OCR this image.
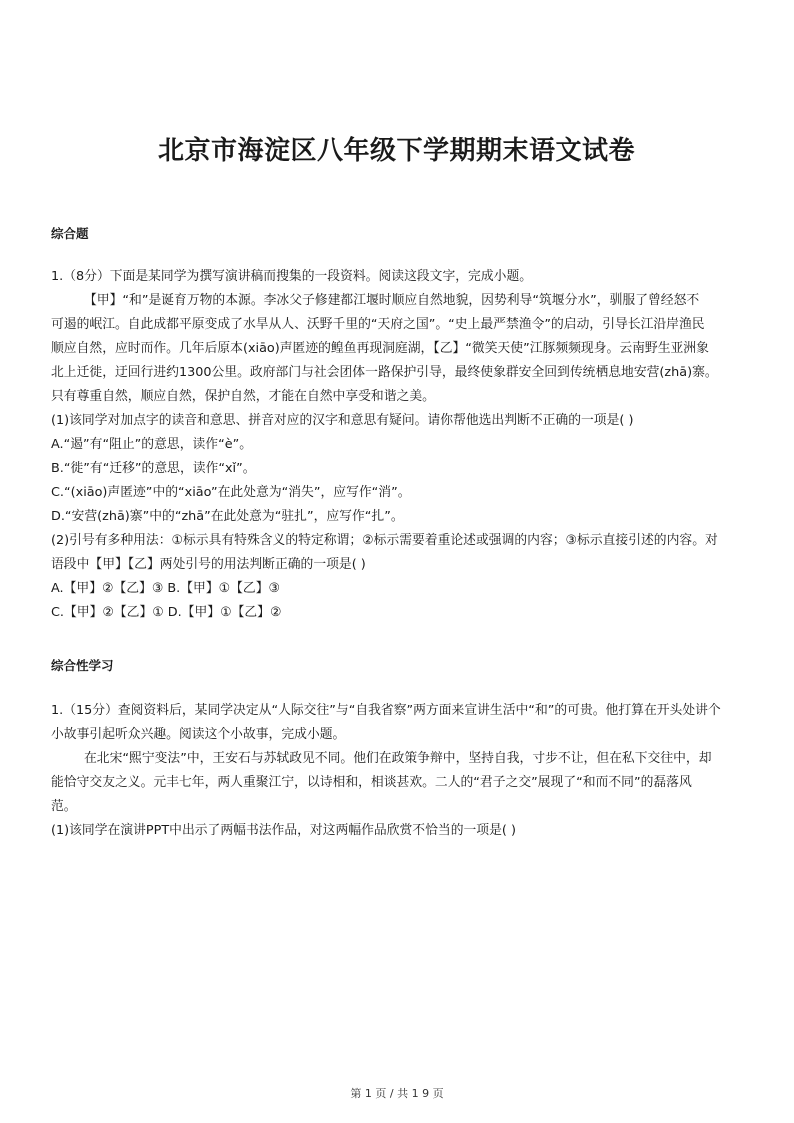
北京市海淀区八年级下学期期末语文试卷
综合题
1.（8分）下面是某同学为撰写演讲稿而搜集的一段资料。阅读这段文字，完成小题。
【甲】“和”是诞育万物的本源。李冰父子修建都江堰时顺应自然地貌，因势利导“筑堰分水”，驯服了曾经怒不
可遏的岷江。自此成都平原变成了水旱从人、沃野千里的“天府之国”。“史上最严禁渔令”的启动，引导长江沿岸渔民
顺应自然，应时而作。几年后原本(xiāo)声匿迹的鳇鱼再现洞庭湖，【乙】“微笑天使”江豚频频现身。云南野生亚洲象
北上迁徙，迂回行进约1300公里。政府部门与社会团体一路保护引导，最终使象群安全回到传统栖息地安营(zhā)寨。
只有尊重自然，顺应自然，保护自然，才能在自然中享受和谐之美。
(1)该同学对加点字的读音和意思、拼音对应的汉字和意思有疑问。请你帮他选出判断不正确的一项是( )
A.“遏”有“阻止”的意思，读作“è”。
B.“徙”有“迁移”的意思，读作“xǐ”。
C.“(xiāo)声匿迹”中的“xiāo”在此处意为“消失”，应写作“消”。
D.“安营(zhā)寨”中的“zhā”在此处意为“驻扎”，应写作“扎”。
(2)引号有多种用法：①标示具有特殊含义的特定称谓；②标示需要着重论述或强调的内容；③标示直接引述的内容。对
语段中【甲】【乙】两处引号的用法判断正确的一项是( )
A.【甲】②【乙】③ B.【甲】①【乙】③
C.【甲】②【乙】① D.【甲】①【乙】②
综合性学习
1.（15分）查阅资料后，某同学决定从“人际交往”与“自我省察”两方面来宣讲生活中“和”的可贵。他打算在开头处讲个
小故事引起听众兴趣。阅读这个小故事，完成小题。
在北宋“熙宁变法”中，王安石与苏轼政见不同。他们在政策争辩中，坚持自我，寸步不让，但在私下交往中，却
能恰守交友之义。元丰七年，两人重聚江宁，以诗相和，相谈甚欢。二人的“君子之交”展现了“和而不同”的磊落风
范。
(1)该同学在演讲PPT中出示了两幅书法作品，对这两幅作品欣赏不恰当的一项是( )
第 1 页 / 共 1 9 页
